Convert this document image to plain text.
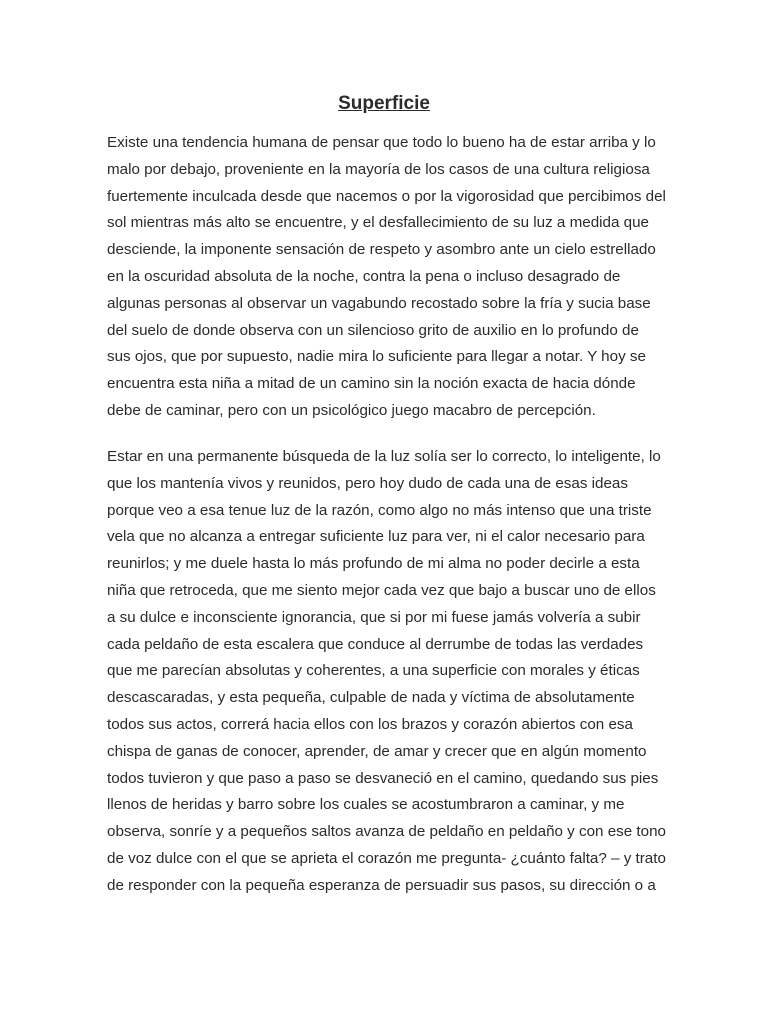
Superficie
Existe una tendencia humana de pensar que todo lo bueno ha de estar arriba y lo
malo por debajo, proveniente en la mayoría de los casos de una cultura religiosa
fuertemente inculcada desde que nacemos o por la vigorosidad que percibimos del
sol mientras más alto se encuentre, y el desfallecimiento de su luz a medida que
desciende, la imponente sensación de respeto y asombro ante un cielo estrellado
en la oscuridad absoluta de la noche, contra la pena o incluso desagrado de
algunas personas al observar un vagabundo recostado sobre la fría y sucia base
del suelo de donde observa con un silencioso grito de auxilio en lo profundo de
sus ojos, que por supuesto, nadie mira lo suficiente para llegar a notar. Y hoy se
encuentra esta niña a mitad de un camino sin la noción exacta de hacia dónde
debe de caminar, pero con un psicológico juego macabro de percepción.
Estar en una permanente búsqueda de la luz solía ser lo correcto, lo inteligente, lo
que los mantenía vivos y reunidos, pero hoy dudo de cada una de esas ideas
porque veo a esa tenue luz de la razón, como algo no más intenso que una triste
vela que no alcanza a entregar suficiente luz para ver, ni el calor necesario para
reunirlos; y me duele hasta lo más profundo de mi alma no poder decirle a esta
niña que retroceda, que me siento mejor cada vez que bajo a buscar uno de ellos
a su dulce e inconsciente ignorancia, que si por mi fuese jamás volvería a subir
cada peldaño de esta escalera que conduce al derrumbe de todas las verdades
que me parecían absolutas y coherentes, a una superficie con morales y éticas
descascaradas, y esta pequeña, culpable de nada y víctima de absolutamente
todos sus actos, correrá hacia ellos con los brazos y corazón abiertos con esa
chispa de ganas de conocer, aprender, de amar y crecer que en algún momento
todos tuvieron y que paso a paso se desvaneció en el camino, quedando sus pies
llenos de heridas y barro sobre los cuales se acostumbraron a caminar, y me
observa, sonríe y a pequeños saltos avanza de peldaño en peldaño y con ese tono
de voz dulce con el que se aprieta el corazón me pregunta- ¿cuánto falta? – y trato
de responder con la pequeña esperanza de persuadir sus pasos, su dirección o a
